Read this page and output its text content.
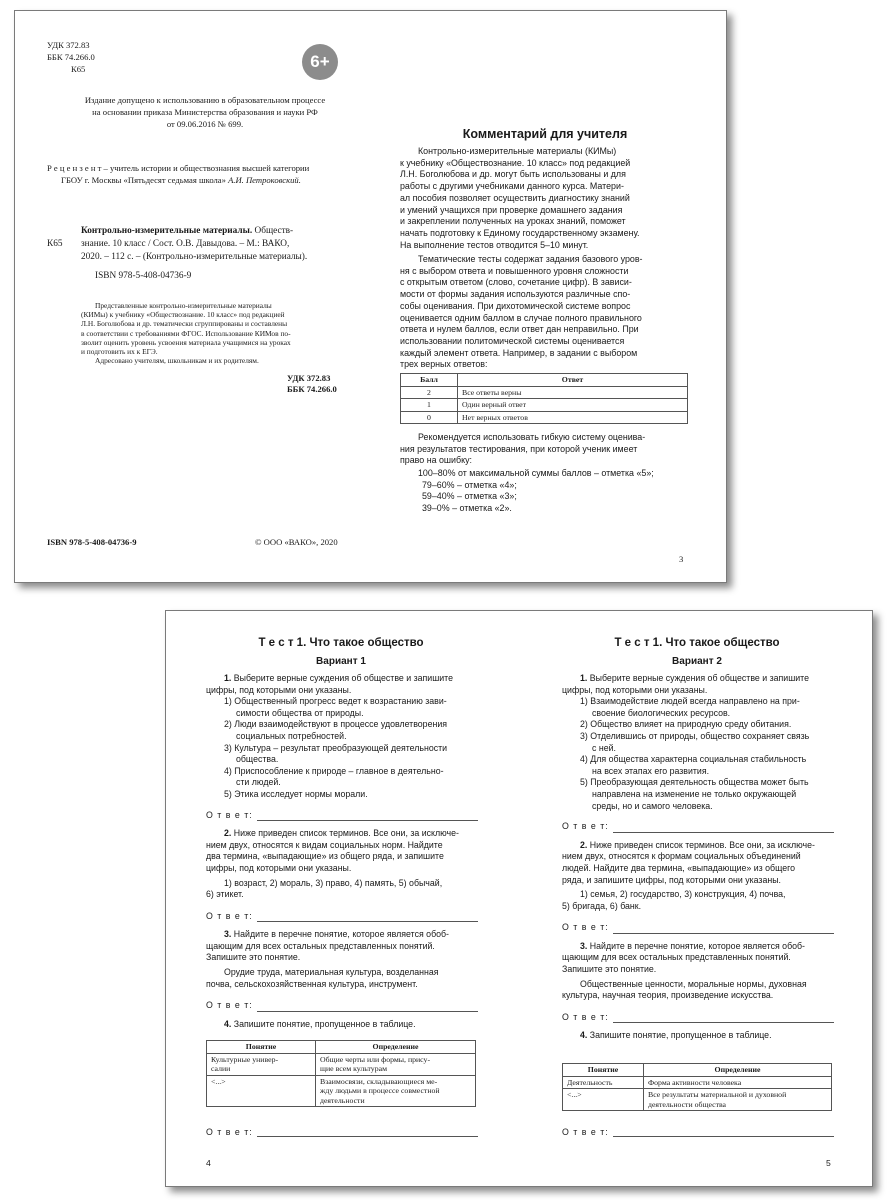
УДК 372.83
ББК 74.266.0
К65	6+
Издание допущено к использованию в образовательном процессе
на основании приказа Министерства образования и науки РФ
от 09.06.2016 № 699.
Р е ц е н з е н т – учитель истории и обществознания высшей категории
ГБОУ г. Москвы «Пятьдесят седьмая школа» А.И. Петроковский.
Контрольно-измерительные материалы. Обществ-
К65	знание. 10 класс / Сост. О.В. Давыдова. – М.: ВАКО,
2020. – 112 с. – (Контрольно-измерительные материалы).
ISBN 978-5-408-04736-9
Представленные контрольно-измерительные материалы
(КИМы) к учебнику «Обществознание. 10 класс» под редакцией
Л.Н. Боголюбова и др. тематически сгруппированы и составлены
в соответствии с требованиями ФГОС. Использование КИМов по-
зволит оценить уровень усвоения материала учащимися на уроках
и подготовить их к ЕГЭ.
Адресовано учителям, школьникам и их родителям.
УДК 372.83
ББК 74.266.0
ISBN 978-5-408-04736-9	© ООО «ВАКО», 2020
Комментарий для учителя
Контрольно-измерительные материалы (КИМы)
к учебнику «Обществознание. 10 класс» под редакцией
Л.Н. Боголюбова и др. могут быть использованы и для
работы с другими учебниками данного курса. Матери-
ал пособия позволяет осуществить диагностику знаний
и умений учащихся при проверке домашнего задания
и закреплении полученных на уроках знаний, поможет
начать подготовку к Единому государственному экзамену.
На выполнение тестов отводится 5–10 минут.
Тематические тесты содержат задания базового уров-
ня с выбором ответа и повышенного уровня сложности
с открытым ответом (слово, сочетание цифр). В зависи-
мости от формы задания используются различные спо-
собы оценивания. При дихотомической системе вопрос
оценивается одним баллом в случае полного правильного
ответа и нулем баллов, если ответ дан неправильно. При
использовании политомической системы оценивается
каждый элемент ответа. Например, в задании с выбором
трех верных ответов:
Балл	Ответ
2	Все ответы верны
1	Один верный ответ
0	Нет верных ответов
Рекомендуется использовать гибкую систему оценива-
ния результатов тестирования, при которой ученик имеет
право на ошибку:
100–80% от максимальной суммы баллов – отметка «5»;
79–60% – отметка «4»;
59–40% – отметка «3»;
39–0% – отметка «2».
3
Т е с т 1. Что такое общество
Вариант 1
1. Выберите верные суждения об обществе и запишите
цифры, под которыми они указаны.
1) Общественный прогресс ведет к возрастанию зави-
симости общества от природы.
2) Люди взаимодействуют в процессе удовлетворения
социальных потребностей.
3) Культура – результат преобразующей деятельности
общества.
4) Приспособление к природе – главное в деятельно-
сти людей.
5) Этика исследует нормы морали.
О т в е т:
2. Ниже приведен список терминов. Все они, за исключе-
нием двух, относятся к видам социальных норм. Найдите
два термина, «выпадающие» из общего ряда, и запишите
цифры, под которыми они указаны.
1) возраст, 2) мораль, 3) право, 4) память, 5) обычай,
6) этикет.
О т в е т:
3. Найдите в перечне понятие, которое является обоб-
щающим для всех остальных представленных понятий.
Запишите это понятие.
Орудие труда, материальная культура, возделанная
почва, сельскохозяйственная культура, инструмент.
О т в е т:
4. Запишите понятие, пропущенное в таблице.
Понятие	Определение
Культурные универ-
салии	Общие черты или формы, прису-
щие всем культурам
<...>	Взаимосвязи, складывающиеся ме-
жду людьми в процессе совместной
деятельности
О т в е т:
4
Т е с т 1. Что такое общество
Вариант 2
1. Выберите верные суждения об обществе и запишите
цифры, под которыми они указаны.
1) Взаимодействие людей всегда направлено на при-
своение биологических ресурсов.
2) Общество влияет на природную среду обитания.
3) Отделившись от природы, общество сохраняет связь
с ней.
4) Для общества характерна социальная стабильность
на всех этапах его развития.
5) Преобразующая деятельность общества может быть
направлена на изменение не только окружающей
среды, но и самого человека.
О т в е т:
2. Ниже приведен список терминов. Все они, за исключе-
нием двух, относятся к формам социальных объединений
людей. Найдите два термина, «выпадающие» из общего
ряда, и запишите цифры, под которыми они указаны.
1) семья, 2) государство, 3) конструкция, 4) почва,
5) бригада, 6) банк.
О т в е т:
3. Найдите в перечне понятие, которое является обоб-
щающим для всех остальных представленных понятий.
Запишите это понятие.
Общественные ценности, моральные нормы, духовная
культура, научная теория, произведение искусства.
О т в е т:
4. Запишите понятие, пропущенное в таблице.
Понятие	Определение
Деятельность	Форма активности человека
<...>	Все результаты материальной и духовной
деятельности общества
О т в е т:
5
